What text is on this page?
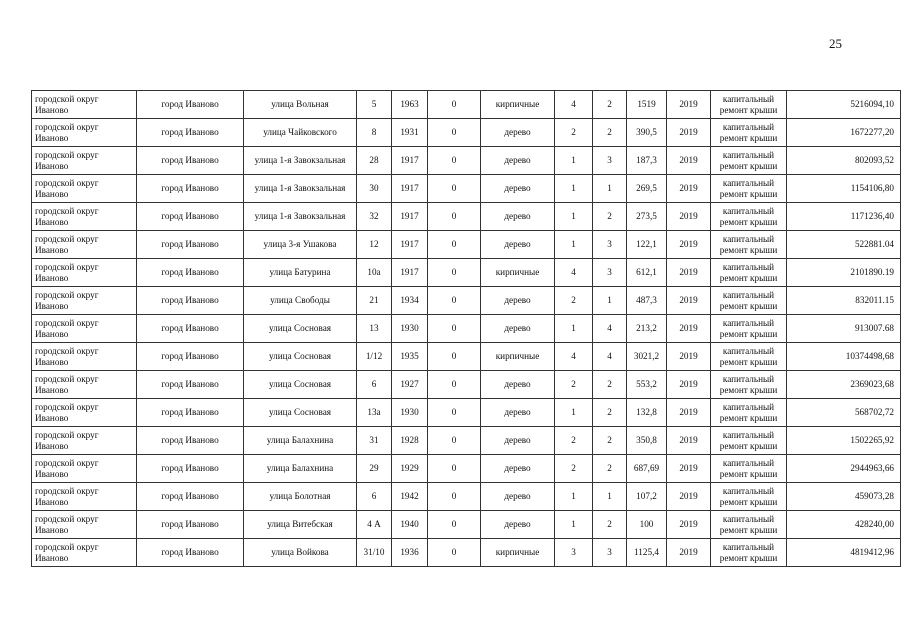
25
городской округ Иваново	город Иваново	улица Вольная	5	1963	0	кирпичные	4	2	1519	2019	капитальный ремонт крыши	5216094,10
городской округ Иваново	город Иваново	улица Чайковского	8	1931	0	дерево	2	2	390,5	2019	капитальный ремонт крыши	1672277,20
городской округ Иваново	город Иваново	улица 1-я Завокзальная	28	1917	0	дерево	1	3	187,3	2019	капитальный ремонт крыши	802093,52
городской округ Иваново	город Иваново	улица 1-я Завокзальная	30	1917	0	дерево	1	1	269,5	2019	капитальный ремонт крыши	1154106,80
городской округ Иваново	город Иваново	улица 1-я Завокзальная	32	1917	0	дерево	1	2	273,5	2019	капитальный ремонт крыши	1171236,40
городской округ Иваново	город Иваново	улица 3-я Ушакова	12	1917	0	дерево	1	3	122,1	2019	капитальный ремонт крыши	522881.04
городской округ Иваново	город Иваново	улица Батурина	10а	1917	0	кирпичные	4	3	612,1	2019	капитальный ремонт крыши	2101890.19
городской округ Иваново	город Иваново	улица Свободы	21	1934	0	дерево	2	1	487,3	2019	капитальный ремонт крыши	832011.15
городской округ Иваново	город Иваново	улица Сосновая	13	1930	0	дерево	1	4	213,2	2019	капитальный ремонт крыши	913007.68
городской округ Иваново	город Иваново	улица Сосновая	1/12	1935	0	кирпичные	4	4	3021,2	2019	капитальный ремонт крыши	10374498,68
городской округ Иваново	город Иваново	улица Сосновая	6	1927	0	дерево	2	2	553,2	2019	капитальный ремонт крыши	2369023,68
городской округ Иваново	город Иваново	улица Сосновая	13а	1930	0	дерево	1	2	132,8	2019	капитальный ремонт крыши	568702,72
городской округ Иваново	город Иваново	улица Балахнина	31	1928	0	дерево	2	2	350,8	2019	капитальный ремонт крыши	1502265,92
городской округ Иваново	город Иваново	улица Балахнина	29	1929	0	дерево	2	2	687,69	2019	капитальный ремонт крыши	2944963,66
городской округ Иваново	город Иваново	улица Болотная	6	1942	0	дерево	1	1	107,2	2019	капитальный ремонт крыши	459073,28
городской округ Иваново	город Иваново	улица Витебская	4 А	1940	0	дерево	1	2	100	2019	капитальный ремонт крыши	428240,00
городской округ Иваново	город Иваново	улица Войкова	31/10	1936	0	кирпичные	3	3	1125,4	2019	капитальный ремонт крыши	4819412,96
